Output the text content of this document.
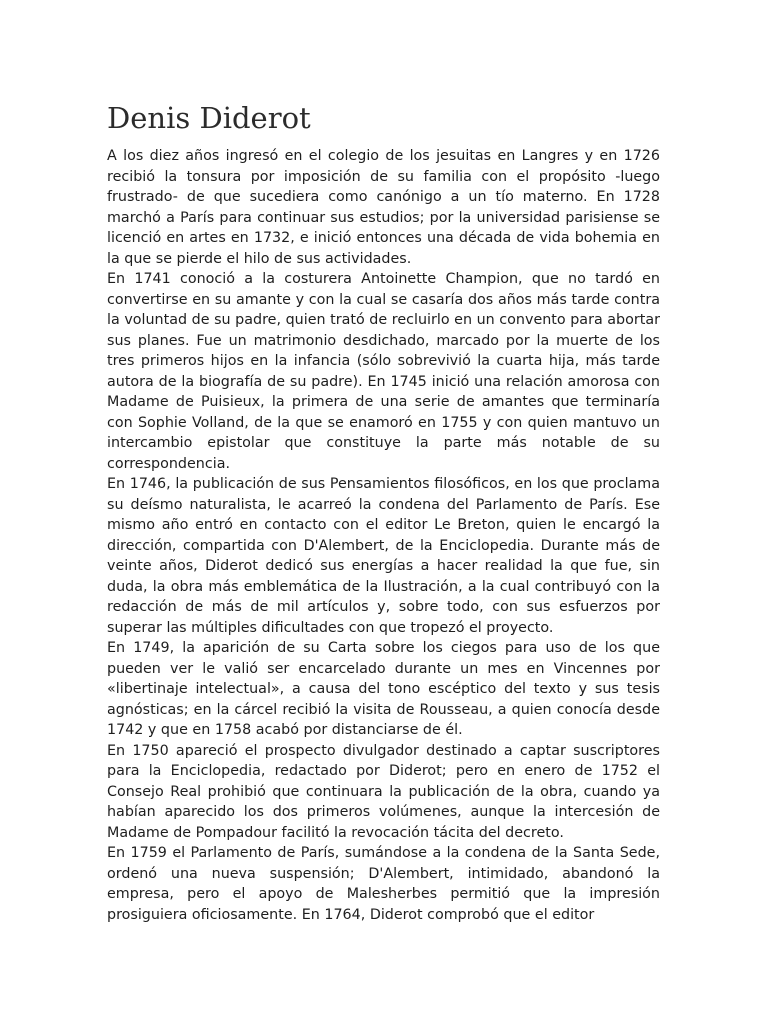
Denis Diderot

A los diez años ingresó en el colegio de los jesuitas en Langres y en 1726 recibió la tonsura por imposición de su familia con el propósito -luego frustrado- de que sucediera como canónigo a un tío materno. En 1728 marchó a París para continuar sus estudios; por la universidad parisiense se licenció en artes en 1732, e inició entonces una década de vida bohemia en la que se pierde el hilo de sus actividades.

En 1741 conoció a la costurera Antoinette Champion, que no tardó en convertirse en su amante y con la cual se casaría dos años más tarde contra la voluntad de su padre, quien trató de recluirlo en un convento para abortar sus planes. Fue un matrimonio desdichado, marcado por la muerte de los tres primeros hijos en la infancia (sólo sobrevivió la cuarta hija, más tarde autora de la biografía de su padre). En 1745 inició una relación amorosa con Madame de Puisieux, la primera de una serie de amantes que terminaría con Sophie Volland, de la que se enamoró en 1755 y con quien mantuvo un intercambio epistolar que constituye la parte más notable de su correspondencia.

En 1746, la publicación de sus Pensamientos filosóficos, en los que proclama su deísmo naturalista, le acarreó la condena del Parlamento de París. Ese mismo año entró en contacto con el editor Le Breton, quien le encargó la dirección, compartida con D'Alembert, de la Enciclopedia. Durante más de veinte años, Diderot dedicó sus energías a hacer realidad la que fue, sin duda, la obra más emblemática de la Ilustración, a la cual contribuyó con la redacción de más de mil artículos y, sobre todo, con sus esfuerzos por superar las múltiples dificultades con que tropezó el proyecto.

En 1749, la aparición de su Carta sobre los ciegos para uso de los que pueden ver le valió ser encarcelado durante un mes en Vincennes por «libertinaje intelectual», a causa del tono escéptico del texto y sus tesis agnósticas; en la cárcel recibió la visita de Rousseau, a quien conocía desde 1742 y que en 1758 acabó por distanciarse de él.

En 1750 apareció el prospecto divulgador destinado a captar suscriptores para la Enciclopedia, redactado por Diderot; pero en enero de 1752 el Consejo Real prohibió que continuara la publicación de la obra, cuando ya habían aparecido los dos primeros volúmenes, aunque la intercesión de Madame de Pompadour facilitó la revocación tácita del decreto.

En 1759 el Parlamento de París, sumándose a la condena de la Santa Sede, ordenó una nueva suspensión; D'Alembert, intimidado, abandonó la empresa, pero el apoyo de Malesherbes permitió que la impresión prosiguiera oficiosamente. En 1764, Diderot comprobó que el editor
